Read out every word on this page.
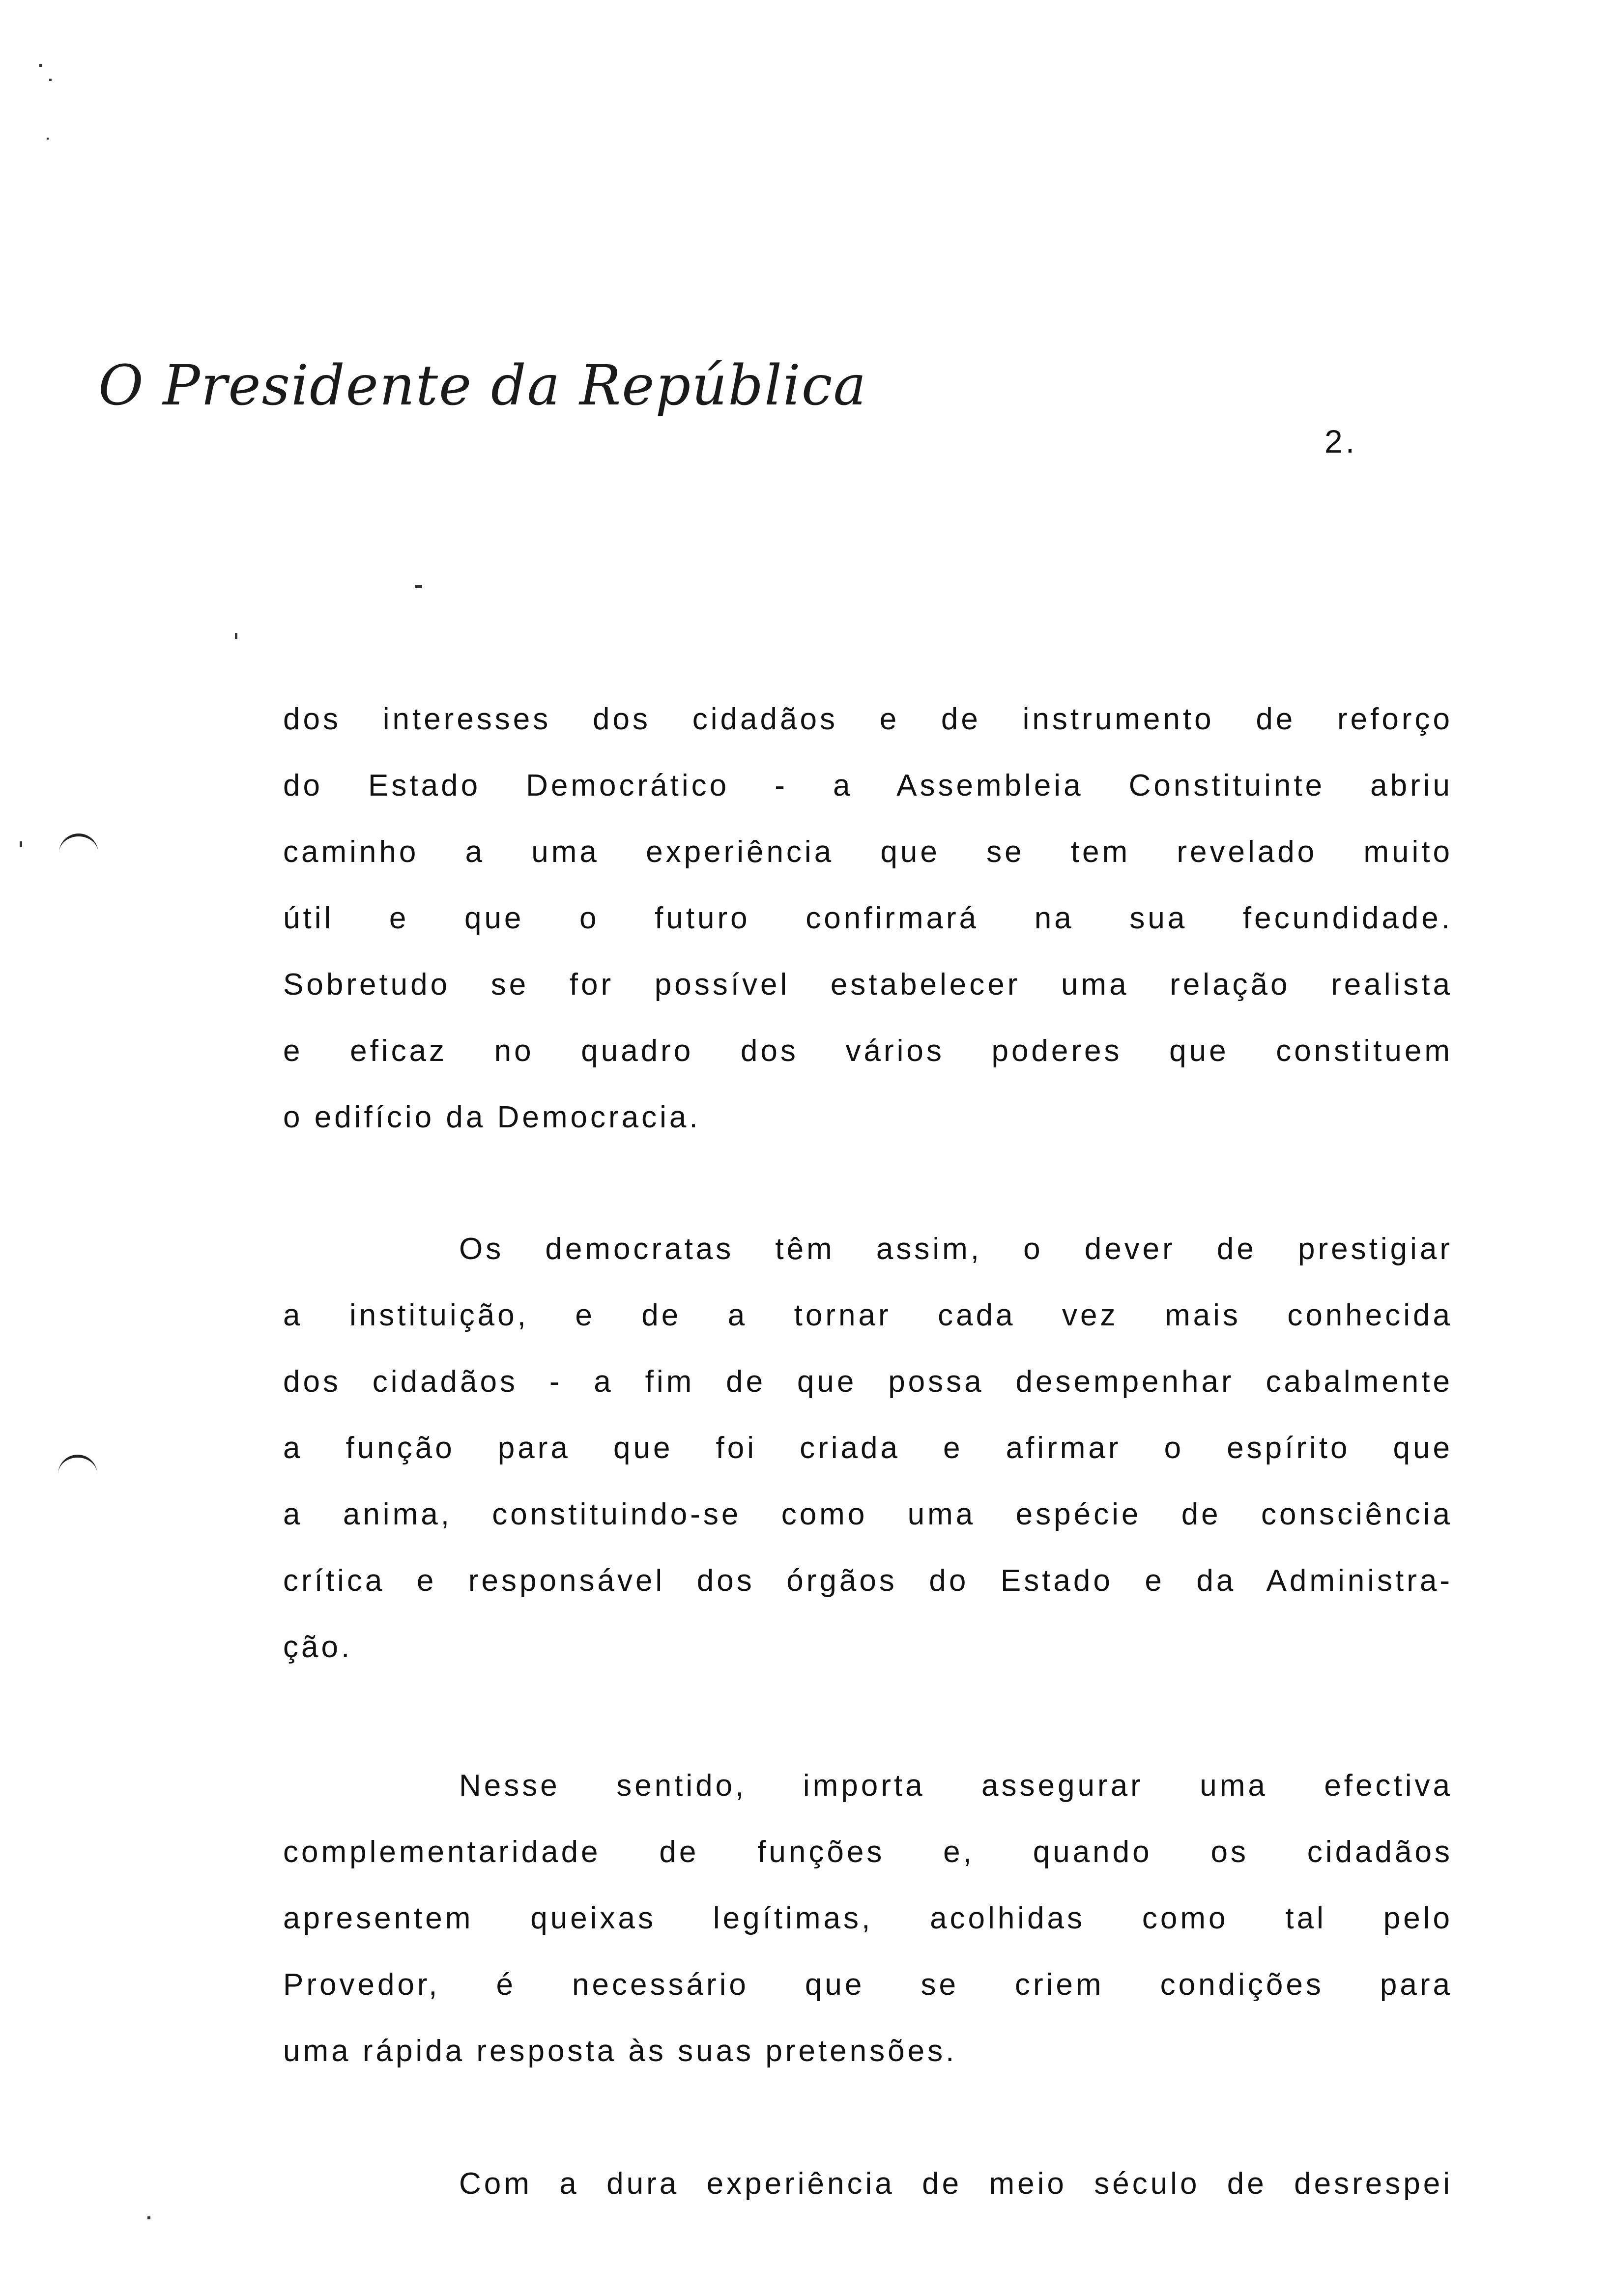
O Presidente da República
2.
dos interesses dos cidadãos e de instrumento de reforço
do Estado Democrático - a Assembleia Constituinte abriu
caminho a uma experiência que se tem revelado muito
útil e que o futuro confirmará na sua fecundidade.
Sobretudo se for possível estabelecer uma relação realista
e eficaz no quadro dos vários poderes que constituem
o edifício da Democracia.
Os democratas têm assim, o dever de prestigiar
a instituição, e de a tornar cada vez mais conhecida
dos cidadãos - a fim de que possa desempenhar cabalmente
a função para que foi criada e afirmar o espírito que
a anima, constituindo-se como uma espécie de consciência
crítica e responsável dos órgãos do Estado e da Administra-
ção.
Nesse sentido, importa assegurar uma efectiva
complementaridade de funções e, quando os cidadãos
apresentem queixas legítimas, acolhidas como tal pelo
Provedor, é necessário que se criem condições para
uma rápida resposta às suas pretensões.
Com a dura experiência de meio século de desrespei
